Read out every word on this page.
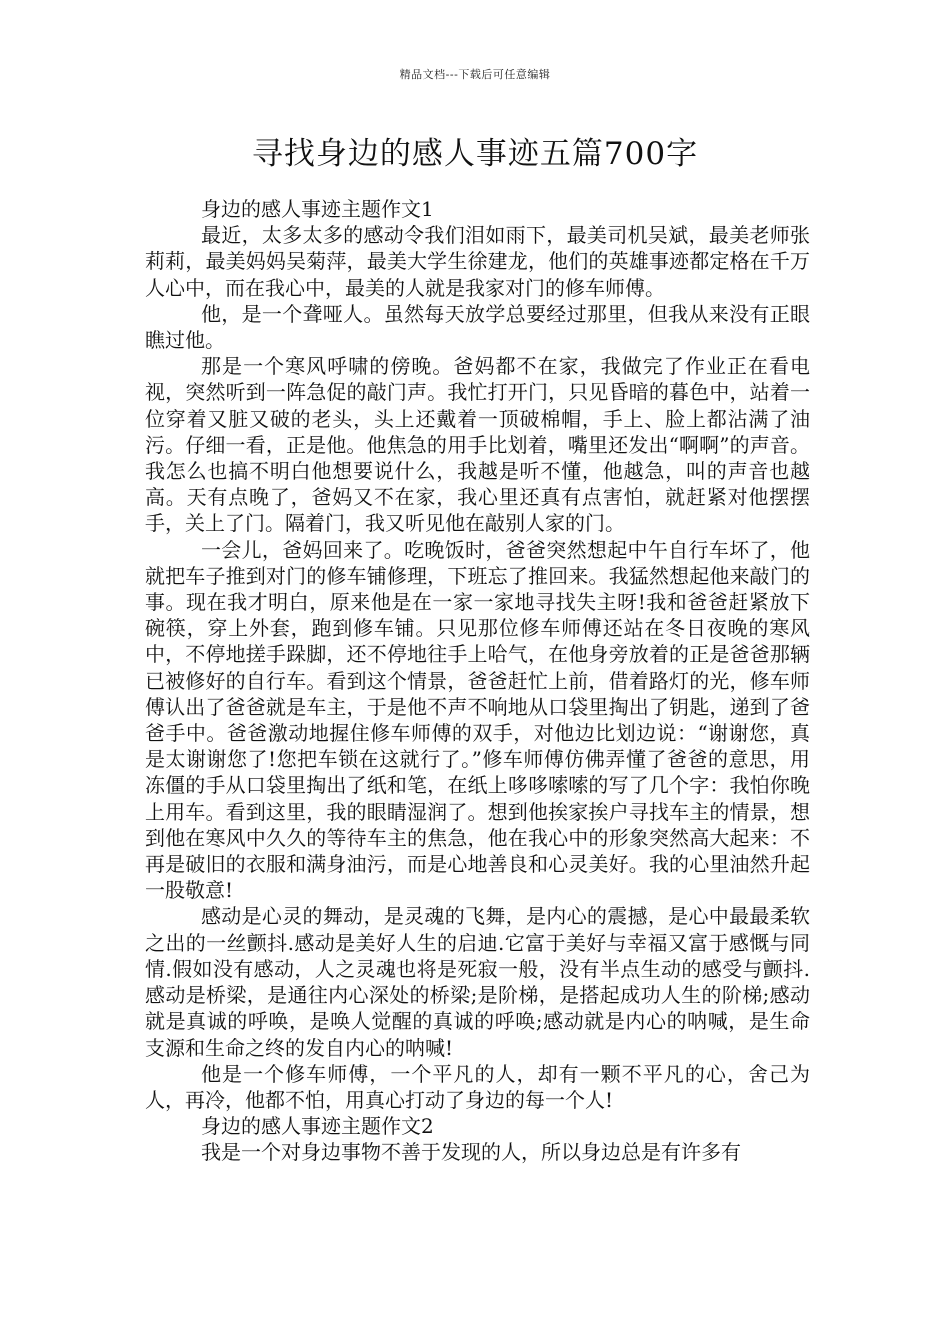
精品文档---下载后可任意编辑
寻找身边的感人事迹五篇700字

身边的感人事迹主题作文1

最近，太多太多的感动令我们泪如雨下，最美司机吴斌，最美老师张莉莉，最美妈妈吴菊萍，最美大学生徐建龙，他们的英雄事迹都定格在千万人心中，而在我心中，最美的人就是我家对门的修车师傅。

他，是一个聋哑人。虽然每天放学总要经过那里，但我从来没有正眼瞧过他。

那是一个寒风呼啸的傍晚。爸妈都不在家，我做完了作业正在看电视，突然听到一阵急促的敲门声。我忙打开门，只见昏暗的暮色中，站着一位穿着又脏又破的老头，头上还戴着一顶破棉帽，手上、脸上都沾满了油污。仔细一看，正是他。他焦急的用手比划着，嘴里还发出“啊啊”的声音。我怎么也搞不明白他想要说什么，我越是听不懂，他越急，叫的声音也越高。天有点晚了，爸妈又不在家，我心里还真有点害怕，就赶紧对他摆摆手，关上了门。隔着门，我又听见他在敲别人家的门。

一会儿，爸妈回来了。吃晚饭时，爸爸突然想起中午自行车坏了，他就把车子推到对门的修车铺修理，下班忘了推回来。我猛然想起他来敲门的事。现在我才明白，原来他是在一家一家地寻找失主呀!我和爸爸赶紧放下碗筷，穿上外套，跑到修车铺。只见那位修车师傅还站在冬日夜晚的寒风中，不停地搓手跺脚，还不停地往手上哈气，在他身旁放着的正是爸爸那辆已被修好的自行车。看到这个情景，爸爸赶忙上前，借着路灯的光，修车师傅认出了爸爸就是车主，于是他不声不响地从口袋里掏出了钥匙，递到了爸爸手中。爸爸激动地握住修车师傅的双手，对他边比划边说：“谢谢您，真是太谢谢您了!您把车锁在这就行了。”修车师傅仿佛弄懂了爸爸的意思，用冻僵的手从口袋里掏出了纸和笔，在纸上哆哆嗦嗦的写了几个字：我怕你晚上用车。看到这里，我的眼睛湿润了。想到他挨家挨户寻找车主的情景，想到他在寒风中久久的等待车主的焦急，他在我心中的形象突然高大起来：不再是破旧的衣服和满身油污，而是心地善良和心灵美好。我的心里油然升起一股敬意!

感动是心灵的舞动，是灵魂的飞舞，是内心的震撼，是心中最最柔软之出的一丝颤抖.感动是美好人生的启迪.它富于美好与幸福又富于感慨与同情.假如没有感动，人之灵魂也将是死寂一般，没有半点生动的感受与颤抖.感动是桥梁，是通往内心深处的桥梁;是阶梯，是搭起成功人生的阶梯;感动就是真诚的呼唤，是唤人觉醒的真诚的呼唤;感动就是内心的呐喊，是生命支源和生命之终的发自内心的呐喊!

他是一个修车师傅，一个平凡的人，却有一颗不平凡的心，舍己为人，再冷，他都不怕，用真心打动了身边的每一个人!

身边的感人事迹主题作文2

我是一个对身边事物不善于发现的人，所以身边总是有许多有
